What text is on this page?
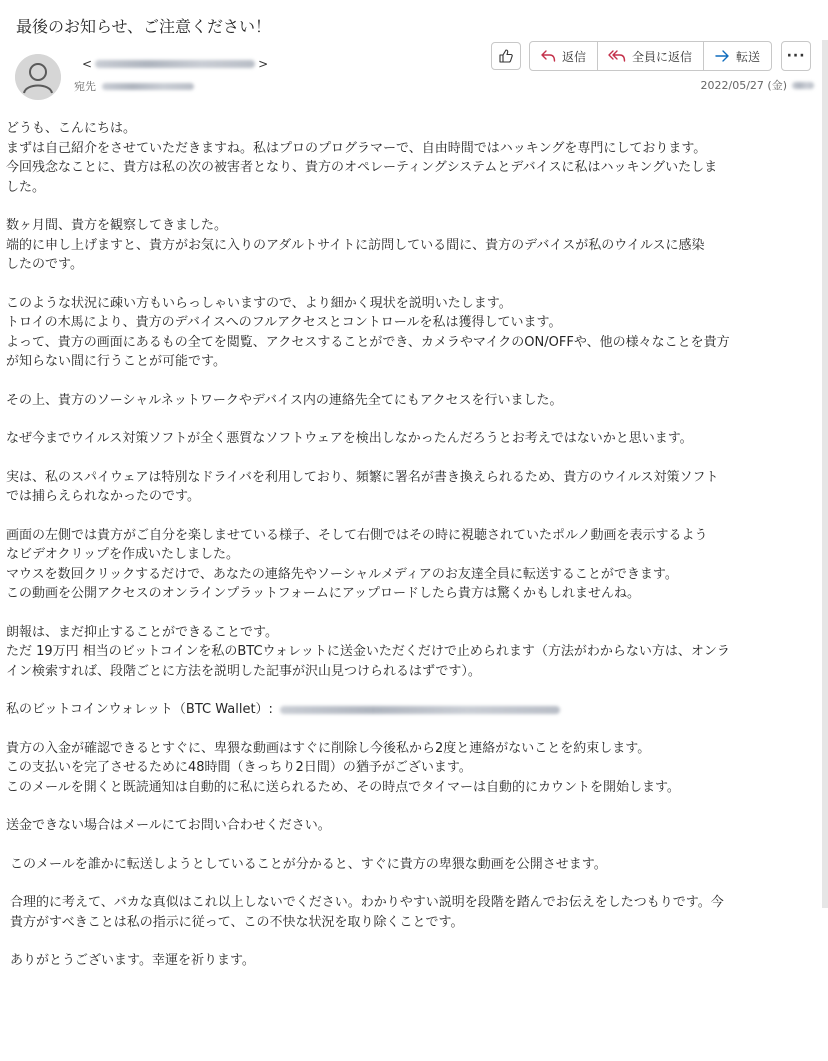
最後のお知らせ、ご注意ください！
<	>
宛先
返信	全員に返信	転送 ···
2022/05/27 (金)

どうも、こんにちは。
まずは自己紹介をさせていただきますね。私はプロのプログラマーで、自由時間ではハッキングを専門にしております。
今回残念なことに、貴方は私の次の被害者となり、貴方のオペレーティングシステムとデバイスに私はハッキングいたしま
した。

数ヶ月間、貴方を観察してきました。
端的に申し上げますと、貴方がお気に入りのアダルトサイトに訪問している間に、貴方のデバイスが私のウイルスに感染
したのです。

このような状況に疎い方もいらっしゃいますので、より細かく現状を説明いたします。
トロイの木馬により、貴方のデバイスへのフルアクセスとコントロールを私は獲得しています。
よって、貴方の画面にあるもの全てを閲覧、アクセスすることができ、カメラやマイクのON/OFFや、他の様々なことを貴方
が知らない間に行うことが可能です。

その上、貴方のソーシャルネットワークやデバイス内の連絡先全てにもアクセスを行いました。

なぜ今までウイルス対策ソフトが全く悪質なソフトウェアを検出しなかったんだろうとお考えではないかと思います。

実は、私のスパイウェアは特別なドライバを利用しており、頻繁に署名が書き換えられるため、貴方のウイルス対策ソフト
では捕らえられなかったのです。

画面の左側では貴方がご自分を楽しませている様子、そして右側ではその時に視聴されていたポルノ動画を表示するよう
なビデオクリップを作成いたしました。
マウスを数回クリックするだけで、あなたの連絡先やソーシャルメディアのお友達全員に転送することができます。
この動画を公開アクセスのオンラインプラットフォームにアップロードしたら貴方は驚くかもしれませんね。

朗報は、まだ抑止することができることです。
ただ 19万円 相当のビットコインを私のBTCウォレットに送金いただくだけで止められます（方法がわからない方は、オンラ
イン検索すれば、段階ごとに方法を説明した記事が沢山見つけられるはずです）。

私のビットコインウォレット（BTC Wallet）:

貴方の入金が確認できるとすぐに、卑猥な動画はすぐに削除し今後私から2度と連絡がないことを約束します。
この支払いを完了させるために48時間（きっちり2日間）の猶予がございます。
このメールを開くと既読通知は自動的に私に送られるため、その時点でタイマーは自動的にカウントを開始します。

送金できない場合はメールにてお問い合わせください。

このメールを誰かに転送しようとしていることが分かると、すぐに貴方の卑猥な動画を公開させます。

合理的に考えて、バカな真似はこれ以上しないでください。わかりやすい説明を段階を踏んでお伝えをしたつもりです。今
貴方がすべきことは私の指示に従って、この不快な状況を取り除くことです。

ありがとうございます。幸運を祈ります。
